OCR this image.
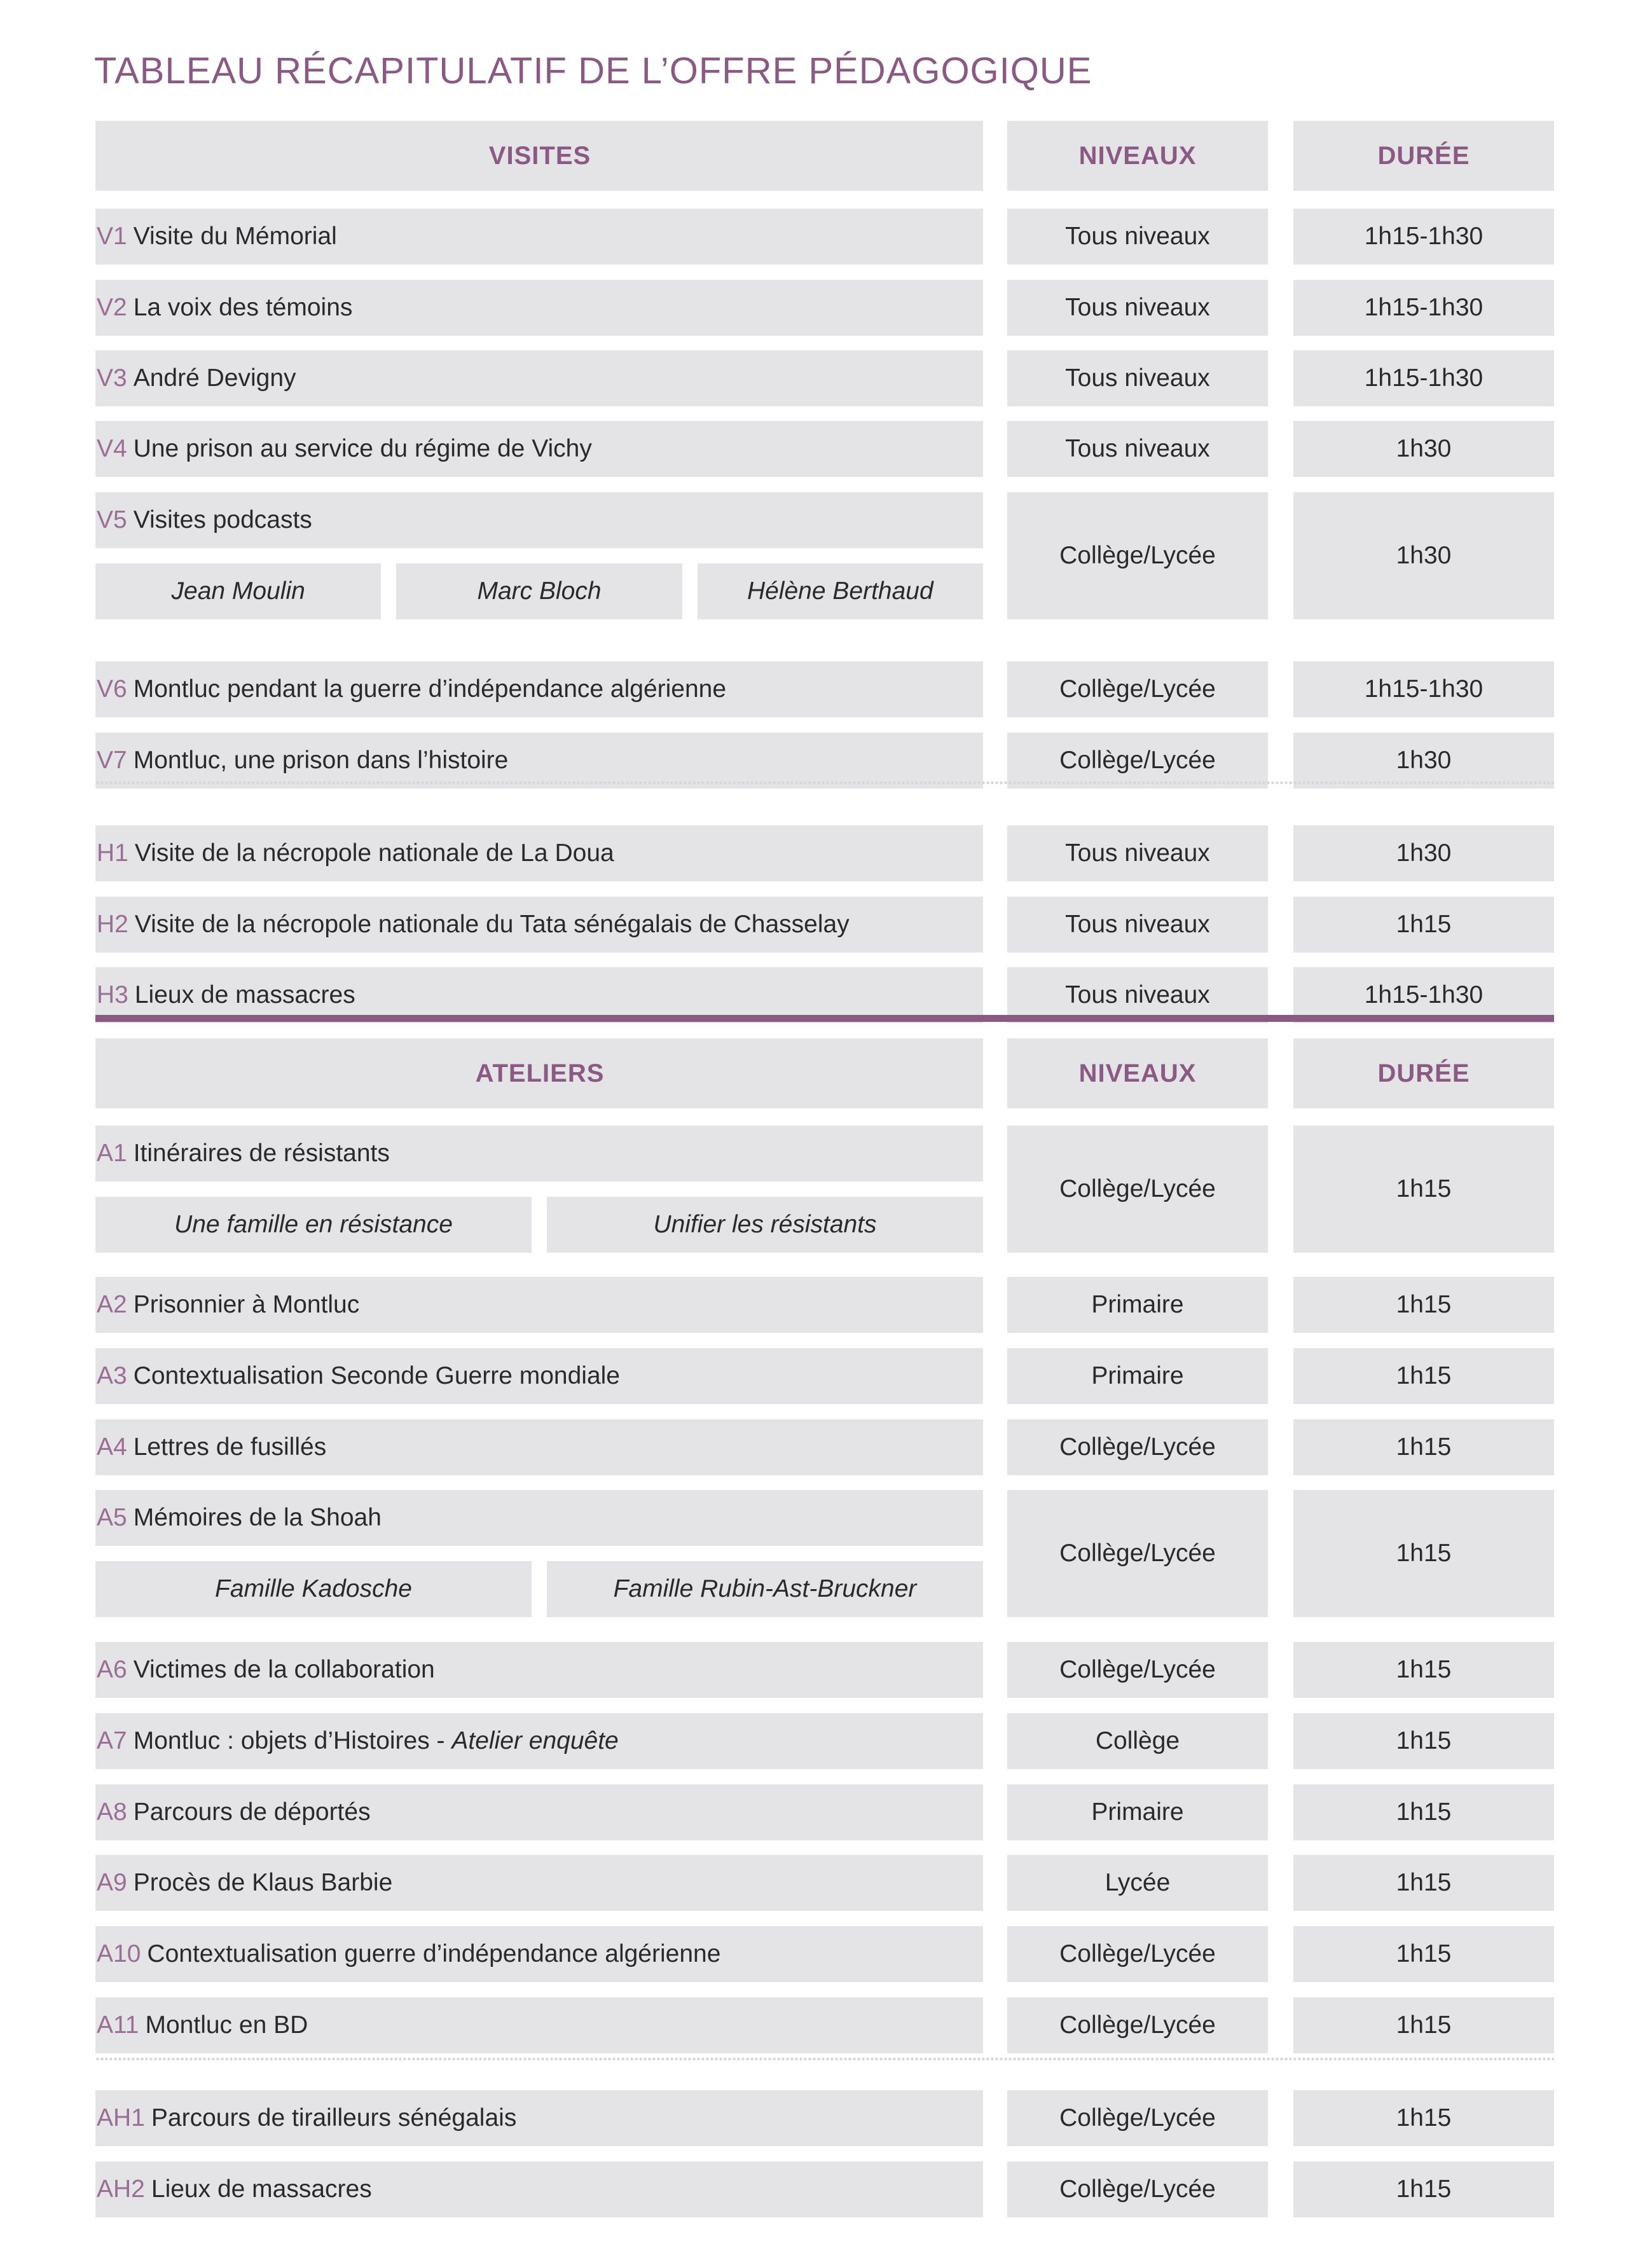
TABLEAU RÉCAPITULATIF DE L’OFFRE PÉDAGOGIQUE
VISITES	NIVEAUX	DURÉE
V1 Visite du Mémorial	Tous niveaux	1h15-1h30
V2 La voix des témoins	Tous niveaux	1h15-1h30
V3 André Devigny	Tous niveaux	1h15-1h30
V4 Une prison au service du régime de Vichy	Tous niveaux	1h30
V5 Visites podcasts
Jean Moulin	Marc Bloch	Hélène Berthaud
Collège/Lycée	1h30
V6 Montluc pendant la guerre d’indépendance algérienne	Collège/Lycée	1h15-1h30
V7 Montluc, une prison dans l’histoire	Collège/Lycée	1h30
H1 Visite de la nécropole nationale de La Doua	Tous niveaux	1h30
H2 Visite de la nécropole nationale du Tata sénégalais de Chasselay	Tous niveaux	1h15
H3 Lieux de massacres	Tous niveaux	1h15-1h30
ATELIERS	NIVEAUX	DURÉE
A1 Itinéraires de résistants
Une famille en résistance	Unifier les résistants
Collège/Lycée	1h15
A2 Prisonnier à Montluc	Primaire	1h15
A3 Contextualisation Seconde Guerre mondiale	Primaire	1h15
A4 Lettres de fusillés	Collège/Lycée	1h15
A5 Mémoires de la Shoah
Famille Kadosche	Famille Rubin-Ast-Bruckner
Collège/Lycée	1h15
A6 Victimes de la collaboration	Collège/Lycée	1h15
A7 Montluc : objets d’Histoires - Atelier enquête	Collège	1h15
A8 Parcours de déportés	Primaire	1h15
A9 Procès de Klaus Barbie	Lycée	1h15
A10 Contextualisation guerre d’indépendance algérienne	Collège/Lycée	1h15
A11 Montluc en BD	Collège/Lycée	1h15
AH1 Parcours de tirailleurs sénégalais	Collège/Lycée	1h15
AH2 Lieux de massacres	Collège/Lycée	1h15
